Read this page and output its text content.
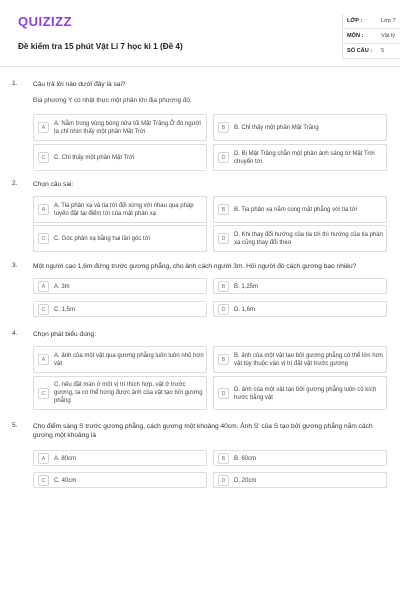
QUIZIZZ
Đề kiểm tra 15 phút Vật Lí 7 học kì 1 (Đề 4)
LỚP :	Lớp 7
MÔN :	Vật lý
SỐ CÂU : 5
1. Câu trả lời nào dưới đây là sai?
Địa phương Y có nhật thực một phần khi địa phương đó:
A
A. Nằm trong vùng bóng nửa tối Mặt Trăng.Ở đó người ta chỉ nhìn thấy một phần Mặt Trời
B	B. Chỉ thấy một phần Mặt Trăng
C	C. Chỉ thấy một phần Mặt Trời	D
D. Bị Mặt Trăng chắn một phần ánh sáng từ Mặt Trời chuyển tới
2. Chọn câu sai:
A
A. Tia phản xạ và tia tới đối xứng với nhau qua pháp tuyến đặt tại điểm tới của mặt phản xạ
B	B. Tia phản xạ nằm cùng mặt phẳng với tia tới
C	C. Góc phản xạ bằng hai lần góc tới	D
D. Khi thay đổi hướng của tia tới thì hướng của tia phản xạ cũng thay đổi theo
3. Một người cao 1,6m đứng trước gương phẳng, cho ảnh cách người 3m. Hỏi người đó cách gương bao nhiêu?
A	A. 3m	B	B. 1,25m
C	C. 1,5m	D	D. 1,6m
4. Chọn phát biểu đúng:
A
A. ảnh của một vật qua gương phẳng luôn luôn nhỏ hơn vật
B
B. ảnh của một vật tạo bởi gương phẳng có thể lớn hơn vật tùy thuộc vào vị trí đặt vật trước gương
C
C. nếu đặt màn ở một vị trí thích hợp, vật ở trước gương, ta có thể hứng được ảnh của vật tạo bởi gương phẳng
D
D. ảnh của một vật tạo bởi gương phẳng luôn có kích hước bằng vật
5. Cho điểm sáng S trước gương phẳng, cách gương một khoảng 40cm. Ảnh S' của S tạo bởi gương phẳng nằm cách gương một khoảng là
A	A. 80cm	B	B. 60cm
C	C. 40cm	D	D. 20cm
